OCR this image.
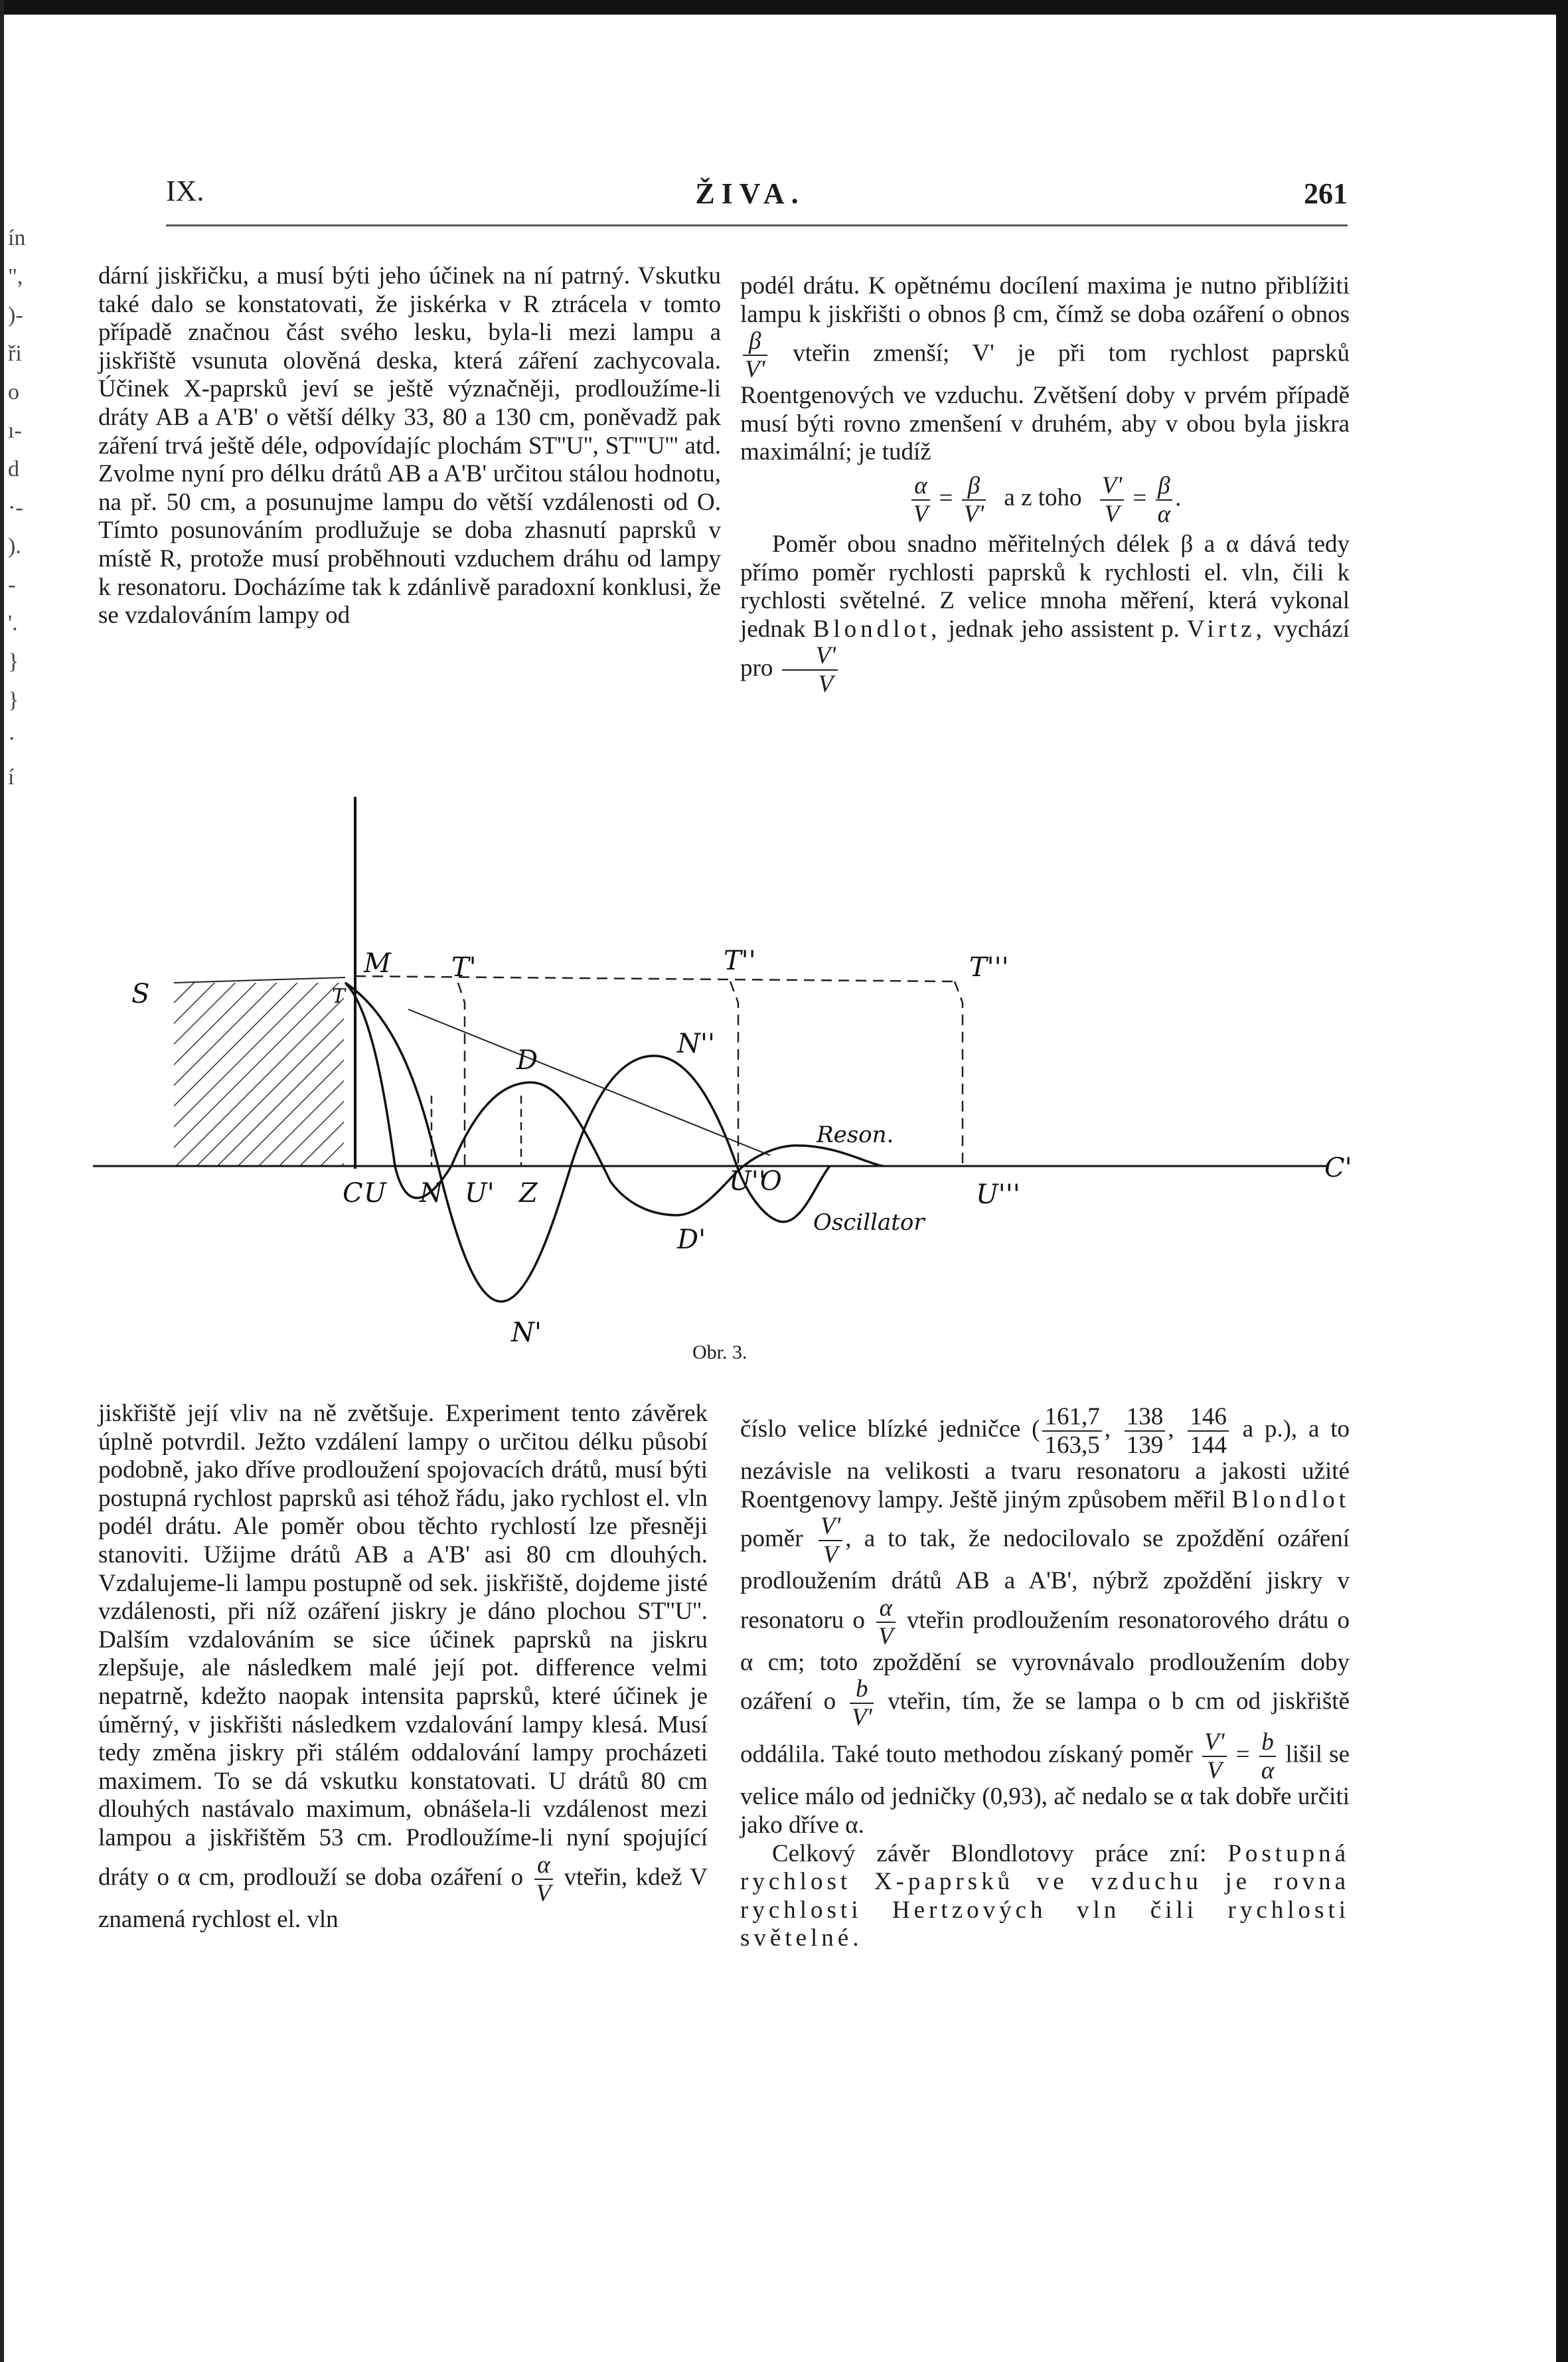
ín
",
)-
ři
o
ı-
d
·-
).
-
'.
}
}
·
í
IX.	ŽIVA.	261

dární jiskřičku, a musí býti jeho účinek na ní patrný. Vskutku také dalo se konstatovati, že jiskérka v R ztrácela v tomto případě značnou část svého lesku, byla-li mezi lampu a jiskřiště vsunuta olověná deska, která záření zachycovala. Účinek X-paprsků jeví se ještě význačněji, prodloužíme-li dráty AB a A'B' o větší délky 33, 80 a 130 cm, poněvadž pak záření trvá ještě déle, odpovídajíc plochám ST''U'', ST'''U''' atd. Zvolme nyní pro délku drátů AB a A'B' určitou stálou hodnotu, na př. 50 cm, a posunujme lampu do větší vzdálenosti od O. Tímto posunováním prodlužuje se doba zhasnutí paprsků v místě R, protože musí proběhnouti vzduchem dráhu od lampy k resonatoru. Docházíme tak k zdánlivě paradoxní konklusi, že se vzdalováním lampy od

podél drátu. K opětnému docílení maxima je nutno přiblížiti lampu k jiskřišti o obnos β cm, čímž se doba ozáření o obnos
$\frac{\beta}{V'}$ vteřin zmenší; V' je při tom rychlost paprsků Roentgenových ve vzduchu. Zvětšení doby v prvém případě musí býti rovno zmenšení v druhém, aby v obou byla jiskra maximální; je tudíž

$\frac{\alpha}{V} = \frac{\beta}{V'}$ a z toho $\frac{V'}{V} = \frac{\beta}{\alpha}$ .

Poměr obou snadno měřitelných délek β a α dává tedy přímo poměr rychlosti paprsků k rychlosti el. vln, čili k rychlosti světelné. Z velice mnoha měření, která vykonal jednak Blondlot, jednak jeho assistent p. Virtz, vychází pro $\frac{V'}{V}$

M T'	T''	T'''
S	T
D
N''
Reson.
C U N U' Z	U''
O	U'''
D'
Oscillator
C'
N'
Obr. 3.

jiskřiště její vliv na ně zvětšuje. Experiment tento závěrek úplně potvrdil. Ježto vzdálení lampy o určitou délku působí podobně, jako dříve prodloužení spojovacích drátů, musí býti postupná rychlost paprsků asi téhož řádu, jako rychlost el. vln podél drátu. Ale poměr obou těchto rychlostí lze přesněji stanoviti. Užijme drátů AB a A'B' asi 80 cm dlouhých. Vzdalujeme-li lampu postupně od sek. jiskřiště, dojdeme jisté vzdálenosti, při níž ozáření jiskry je dáno plochou ST''U''. Dalším vzdalováním se sice účinek paprsků na jiskru zlepšuje, ale následkem malé její pot. difference velmi nepatrně, kdežto naopak intensita paprsků, které účinek je úměrný, v jiskřišti následkem vzdalování lampy klesá. Musí tedy změna jiskry při stálém oddalování lampy procházeti maximem. To se dá vskutku konstatovati. U drátů 80 cm dlouhých nastávalo maximum, obnášela-li vzdálenost mezi lampou a jiskřištěm 53 cm. Prodloužíme-li nyní spojující dráty o α cm, prodlouží se doba ozáření o $\frac{\alpha}{V}$ vteřin, kdež V znamená rychlost el. vln

číslo velice blízké jedničce ( $\frac{161,7}{163,5}$ , $\frac{138}{139}$ , $\frac{146}{144}$ a p.), a to nezávisle na velikosti a tvaru resonatoru a jakosti užité Roentgenovy lampy. Ještě jiným způsobem měřil Blondlot poměr $\frac{V'}{V}$ , a to tak, že nedocilovalo se zpoždění ozáření prodloužením drátů AB a A'B', nýbrž zpoždění jiskry v resonatoru o $\frac{\alpha}{V}$ vteřin prodloužením resonatorového drátu o α cm; toto zpoždění se vyrovnávalo prodloužením doby ozáření o $\frac{b}{V'}$ vteřin, tím, že se lampa o b cm od jiskřiště oddálila. Také touto methodou získaný poměr $\frac{V'}{V} = \frac{b}{\alpha}$ lišil se velice málo od jedničky (0,93), ač nedalo se α tak dobře určiti jako dříve α.

Celkový závěr Blondlotovy práce zní: Postupná rychlost X-paprsků ve vzduchu je rovna rychlosti Hertzových vln čili rychlosti světelné.
